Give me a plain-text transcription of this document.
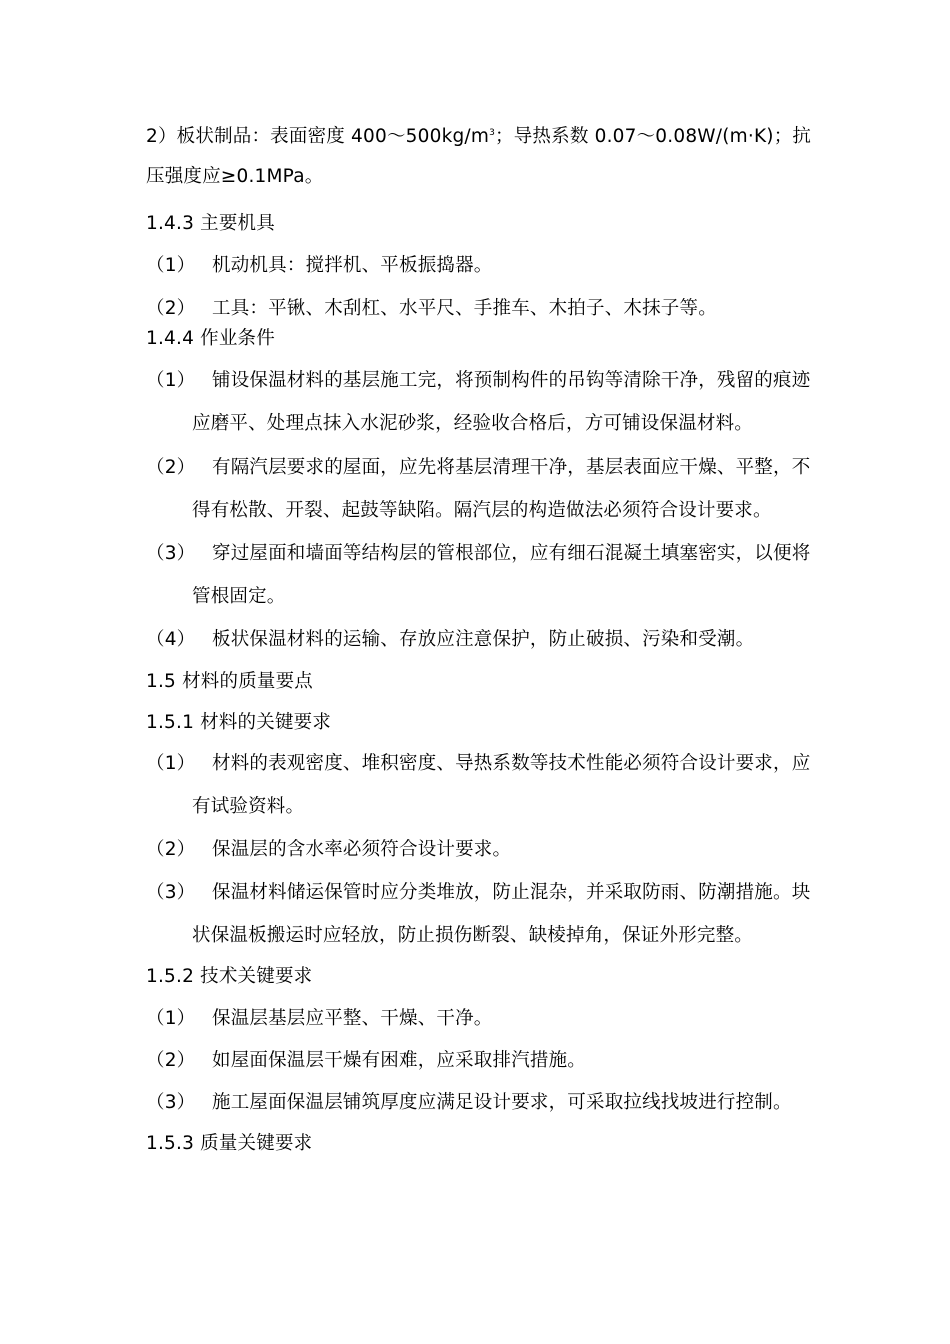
2）板状制品：表面密度 $400\sim 500kg/m^3$；导热系数 0.07～0.08W/(m·K)；抗
压强度应≥0.1MPa。
1.4.3 主要机具
（1） 机动机具：搅拌机、平板振捣器。
（2） 工具：平锹、木刮杠、水平尺、手推车、木拍子、木抹子等。
1.4.4 作业条件
（1） 铺设保温材料的基层施工完，将预制构件的吊钩等清除干净，残留的痕迹
应磨平、处理点抹入水泥砂浆，经验收合格后，方可铺设保温材料。
（2） 有隔汽层要求的屋面，应先将基层清理干净，基层表面应干燥、平整，不
得有松散、开裂、起鼓等缺陷。隔汽层的构造做法必须符合设计要求。
（3） 穿过屋面和墙面等结构层的管根部位，应有细石混凝土填塞密实，以便将
管根固定。
（4） 板状保温材料的运输、存放应注意保护，防止破损、污染和受潮。
1.5 材料的质量要点
1.5.1 材料的关键要求
（1） 材料的表观密度、堆积密度、导热系数等技术性能必须符合设计要求，应
有试验资料。
（2） 保温层的含水率必须符合设计要求。
（3） 保温材料储运保管时应分类堆放，防止混杂，并采取防雨、防潮措施。块
状保温板搬运时应轻放，防止损伤断裂、缺棱掉角，保证外形完整。
1.5.2 技术关键要求
（1） 保温层基层应平整、干燥、干净。
（2） 如屋面保温层干燥有困难，应采取排汽措施。
（3） 施工屋面保温层铺筑厚度应满足设计要求，可采取拉线找坡进行控制。
1.5.3 质量关键要求
